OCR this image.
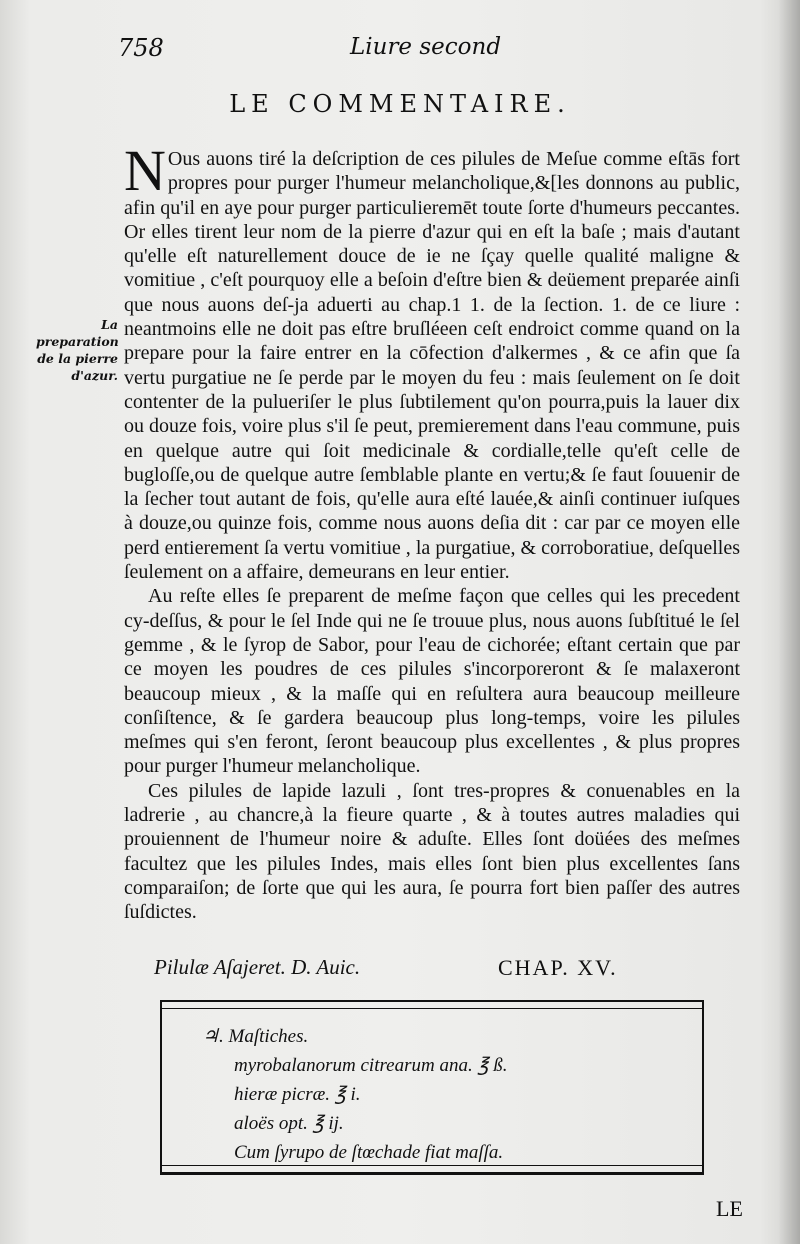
758	Liure second
LE COMMENTAIRE.
La preparation de la pierre d'azur.

N Ous auons tiré la deſcription de ces pilules de Meſue comme eſtās fort propres pour purger l'humeur melancholique,&[les donnons au public, afin qu'il en aye pour purger particulieremēt toute ſorte d'humeurs peccantes. Or elles tirent leur nom de la pierre d'azur qui en eſt la baſe ; mais d'autant qu'elle eſt naturellement douce de ie ne ſçay quelle qualité maligne & vomitiue , c'eſt pourquoy elle a beſoin d'eſtre bien & deüement preparée ainſi que nous auons deſ-ja aduerti au chap.1 1. de la ſection. 1. de ce liure : neantmoins elle ne doit pas eſtre bruſléeen ceſt endroict comme quand on la prepare pour la faire entrer en la cōfection d'alkermes , & ce afin que ſa vertu purgatiue ne ſe perde par le moyen du feu : mais ſeulement on ſe doit contenter de la pulueriſer le plus ſubtilement qu'on pourra,puis la lauer dix ou douze fois, voire plus s'il ſe peut, premierement dans l'eau commune, puis en quelque autre qui ſoit medicinale & cordialle,telle qu'eſt celle de bugloſſe,ou de quelque autre ſemblable plante en vertu;& ſe faut ſouuenir de la ſecher tout autant de fois, qu'elle aura eſté lauée,& ainſi continuer iuſques à douze,ou quinze fois, comme nous auons deſia dit : car par ce moyen elle perd entierement ſa vertu vomitiue , la purgatiue, & corroboratiue, deſquelles ſeulement on a affaire, demeurans en leur entier.

Au reſte elles ſe preparent de meſme façon que celles qui les precedent cy-deſſus, & pour le ſel Inde qui ne ſe trouue plus, nous auons ſubſtitué le ſel gemme , & le ſyrop de Sabor, pour l'eau de cichorée; eſtant certain que par ce moyen les poudres de ces pilules s'incorporeront & ſe malaxeront beaucoup mieux , & la maſſe qui en reſultera aura beaucoup meilleure conſiſtence, & ſe gardera beaucoup plus long-temps, voire les pilules meſmes qui s'en feront, ſeront beaucoup plus excellentes , & plus propres pour purger l'humeur melancholique.

Ces pilules de lapide lazuli , ſont tres-propres & conuenables en la ladrerie , au chancre,à la fieure quarte , & à toutes autres maladies qui prouiennent de l'humeur noire & aduſte. Elles ſont doüées des meſmes facultez que les pilules Indes, mais elles ſont bien plus excellentes ſans comparaiſon; de ſorte que qui les aura, ſe pourra fort bien paſſer des autres ſuſdictes.

Pilulæ Aſajeret. D. Auic.	CHAP. XV.
♃. Maſtiches.
myrobalanorum citrearum ana. ℥ ß.
hieræ picræ. ℥ i.
aloës opt. ℥ ij.
Cum ſyrupo de ſtœchade fiat maſſa.
LE
